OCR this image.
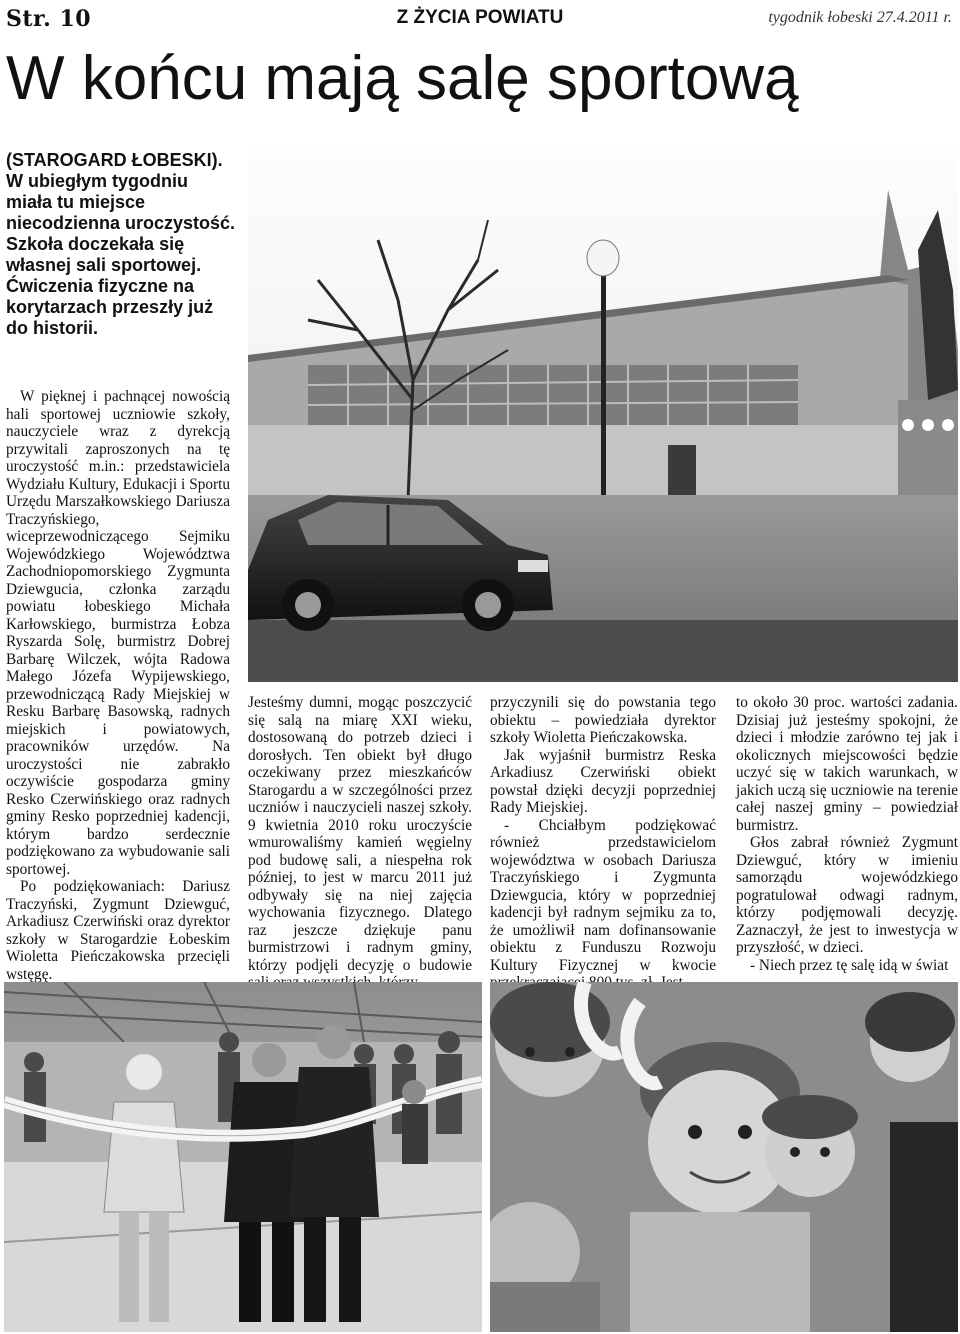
Str. 10	Z ŻYCIA POWIATU	tygodnik łobeski 27.4.2011 r.
W końcu mają salę sportową
(STAROGARD ŁOBESKI). W ubiegłym tygodniu miała tu miejsce niecodzienna uroczystość. Szkoła doczekała się własnej sali sportowej. Ćwiczenia fizyczne na korytarzach przeszły już do historii.

W pięknej i pachnącej nowością hali sportowej uczniowie szkoły, nauczyciele wraz z dyrekcją przywitali zaproszonych na tę uroczystość m.in.: przedstawiciela Wydziału Kultury, Edukacji i Sportu Urzędu Marszałkowskiego Dariusza Traczyńskiego, wiceprzewodniczącego Sejmiku Wojewódzkiego Województwa Zachodniopomorskiego Zygmunta Dziewgucia, członka zarządu powiatu łobeskiego Michała Karłowskiego, burmistrza Łobza Ryszarda Solę, burmistrz Dobrej Barbarę Wilczek, wójta Radowa Małego Józefa Wypijewskiego, przewodniczącą Rady Miejskiej w Resku Barbarę Basowską, radnych miejskich i powiatowych, pracowników urzędów. Na uroczystości nie zabrakło oczywiście gospodarza gminy Resko Czerwińskiego oraz radnych gminy Resko poprzedniej kadencji, którym bardzo serdecznie podziękowano za wybudowanie sali sportowej.

Po podziękowaniach: Dariusz Traczyński, Zygmunt Dziewguć, Arkadiusz Czerwiński oraz dyrektor szkoły w Starogardzie Łobeskim Wioletta Pieńczakowska przecięli wstęgę.

Jesteśmy dumni, mogąc poszczycić się salą na miarę XXI wieku, dostosowaną do potrzeb dzieci i dorosłych. Ten obiekt był długo oczekiwany przez mieszkańców Starogardu a w szczególności przez uczniów i nauczycieli naszej szkoły. 9 kwietnia 2010 roku uroczyście wmurowaliśmy kamień węgielny pod budowę sali, a niespełna rok później, to jest w marcu 2011 już odbywały się na niej zajęcia wychowania fizycznego. Dlatego raz jeszcze dziękuje panu burmistrzowi i radnym gminy, którzy podjęli decyzję o budowie

przyczynili się do powstania tego obiektu – powiedziała dyrektor szkoły Wioletta Pieńczakowska.

Jak wyjaśnił burmistrz Reska Arkadiusz Czerwiński obiekt powstał dzięki decyzji poprzedniej Rady Miejskiej.

- Chciałbym podziękować również przedstawicielom województwa w osobach Dariusza Traczyńskiego i Zygmunta Dziewgucia, który w poprzedniej kadencji był radnym sejmiku za to, że umożliwił nam dofinansowanie obiektu z Funduszu Rozwoju Kultury Fizycznej w kwocie

to około 30 proc. wartości zadania. Dzisiaj już jesteśmy spokojni, że dzieci i młodzie zarówno tej jak i okolicznych miejscowości będzie uczyć się w takich warunkach, w jakich uczą się uczniowie na terenie całej naszej gminy – powiedział burmistrz.

Głos zabrał również Zygmunt Dziewguć, który w imieniu samorządu wojewódzkiego pogratulował odwagi radnym, którzy podjęmowali decyzję. Zaznaczył, że jest to inwestycja w przyszłość, w dzieci.

- Niech przez tę salę idą w świat
